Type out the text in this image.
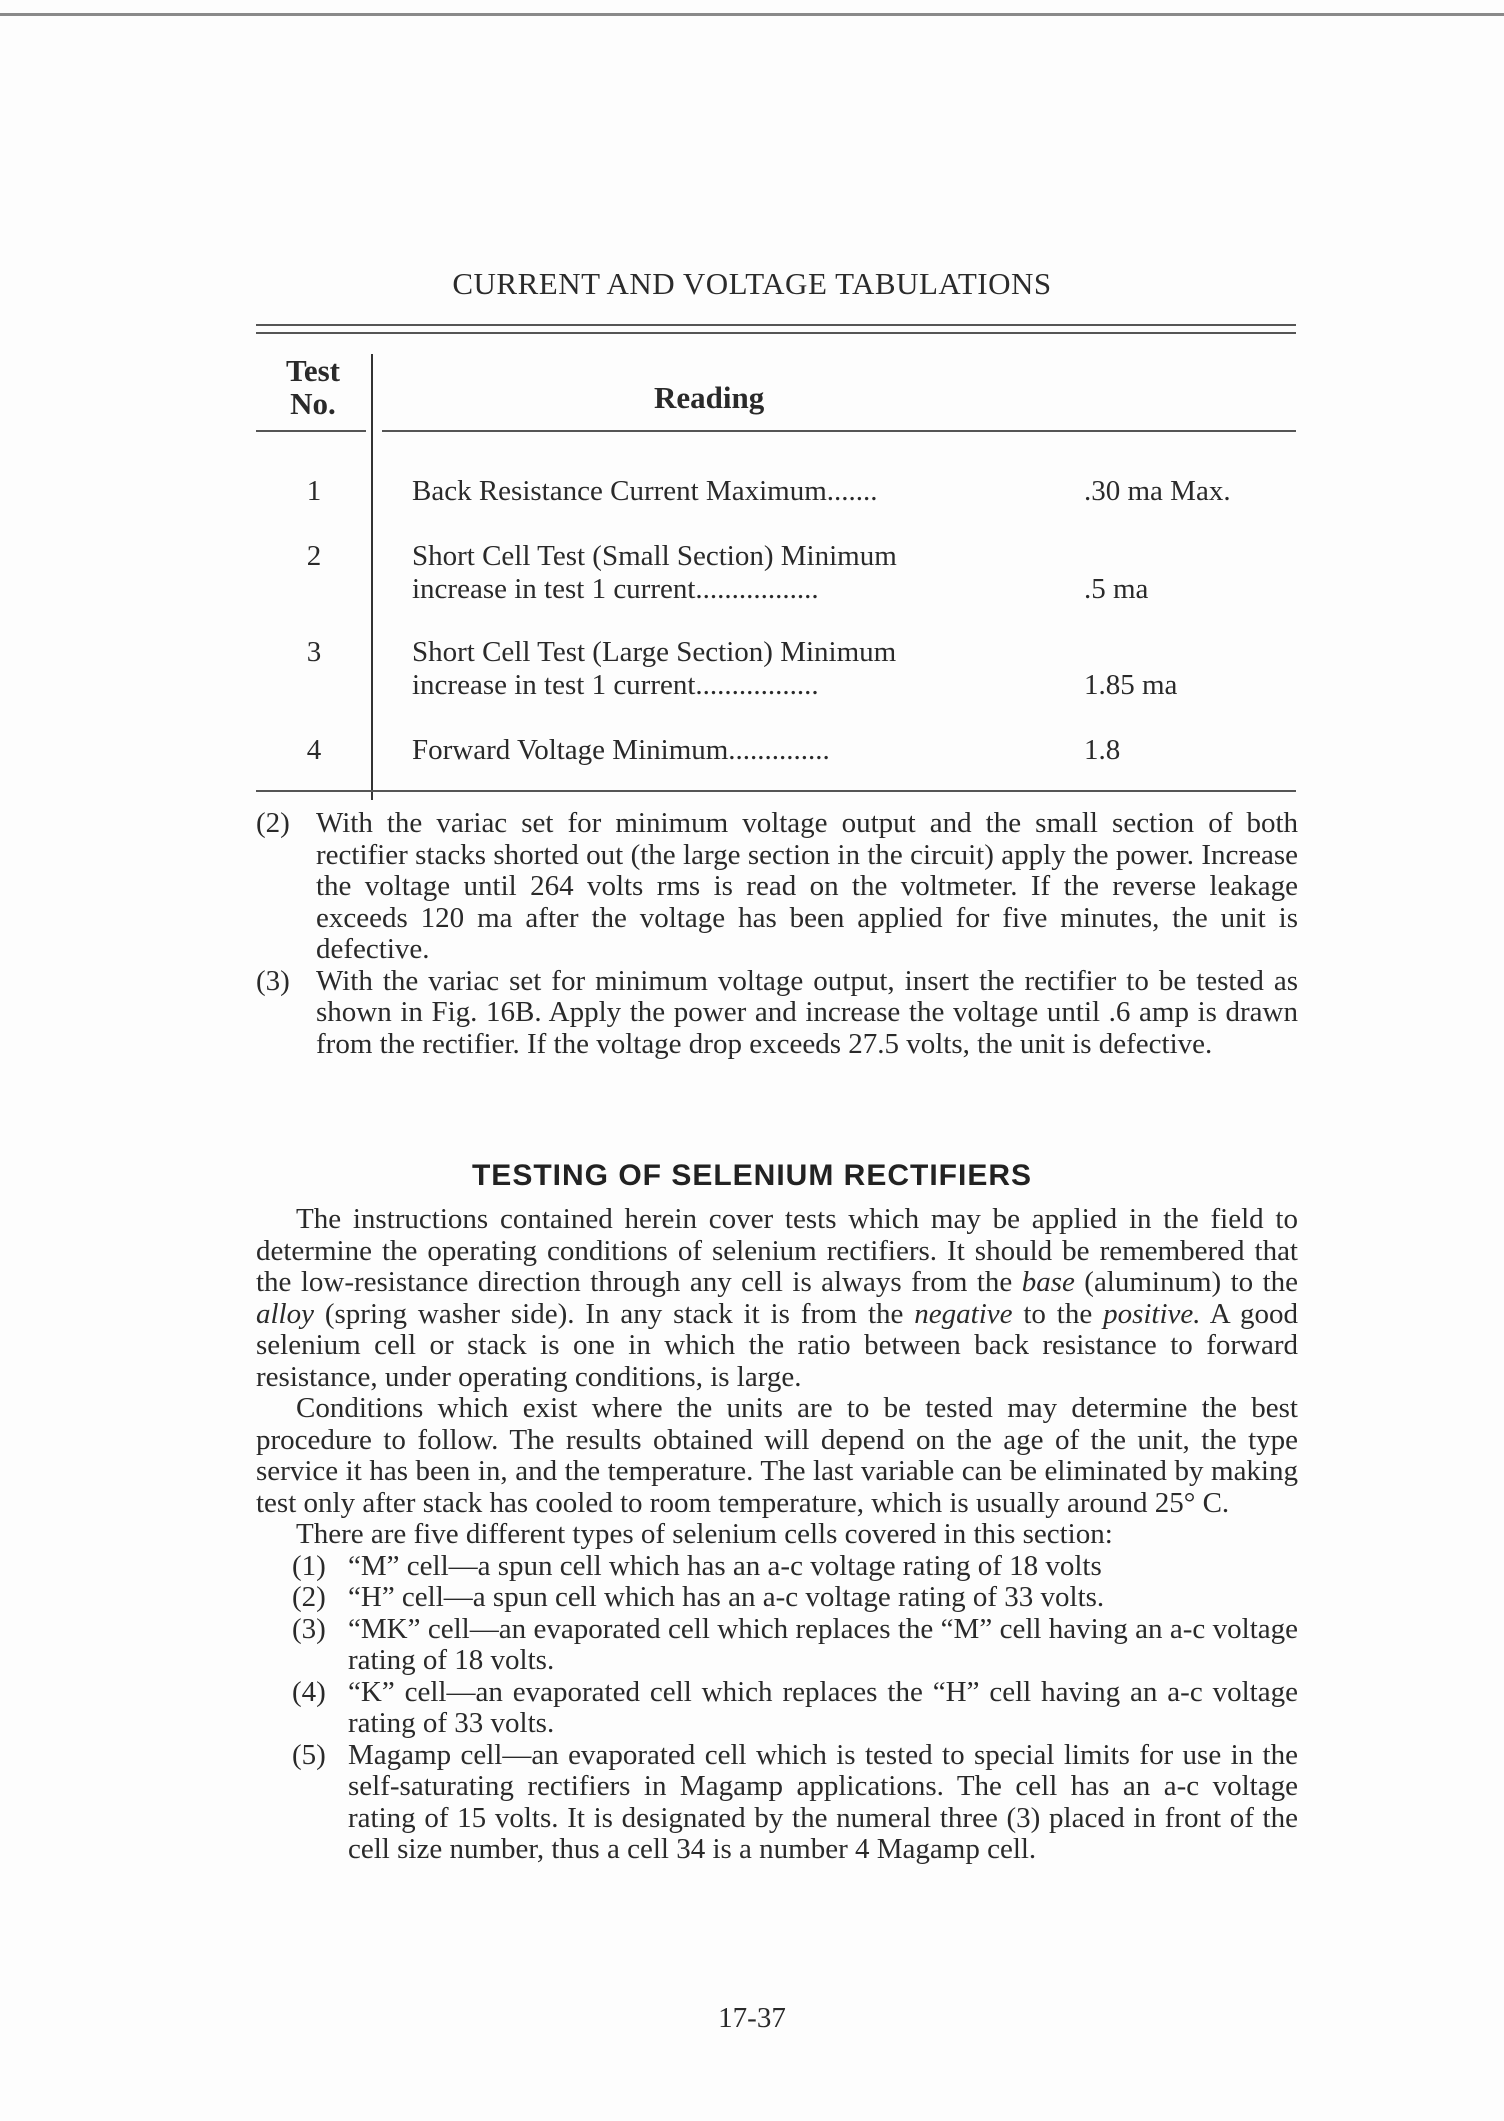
CURRENT AND VOLTAGE TABULATIONS
Test
No.	Reading
1	Back Resistance Current Maximum.......	.30 ma Max.
2	Short Cell Test (Small Section) Minimum
increase in test 1 current.................	.5 ma
3	Short Cell Test (Large Section) Minimum
increase in test 1 current.................	1.85 ma
4	Forward Voltage Minimum..............	1.8
(2) With the variac set for minimum voltage output and the small section of both rectifier stacks shorted out (the large section in the circuit) apply the power. Increase the voltage until 264 volts rms is read on the voltmeter. If the reverse leakage exceeds 120 ma after the voltage has been applied for five minutes, the unit is defective.
(3) With the variac set for minimum voltage output, insert the rectifier to be tested as shown in Fig. 16B. Apply the power and increase the voltage until .6 amp is drawn from the rectifier. If the voltage drop exceeds 27.5 volts, the unit is defective.
TESTING OF SELENIUM RECTIFIERS

The instructions contained herein cover tests which may be applied in the field to determine the operating conditions of selenium rectifiers. It should be remembered that the low-resistance direction through any cell is always from the base (aluminum) to the alloy (spring washer side). In any stack it is from the negative to the positive. A good selenium cell or stack is one in which the ratio between back resistance to forward resistance, under operating conditions, is large.

Conditions which exist where the units are to be tested may determine the best procedure to follow. The results obtained will depend on the age of the unit, the type service it has been in, and the temperature. The last variable can be eliminated by making test only after stack has cooled to room temperature, which is usually around 25° C.

There are five different types of selenium cells covered in this section:

(1) “M” cell—a spun cell which has an a-c voltage rating of 18 volts
(2) “H” cell—a spun cell which has an a-c voltage rating of 33 volts.
(3) “MK” cell—an evaporated cell which replaces the “M” cell having an a-c voltage rating of 18 volts.
(4) “K” cell—an evaporated cell which replaces the “H” cell having an a-c voltage rating of 33 volts.
(5) Magamp cell—an evaporated cell which is tested to special limits for use in the self-saturating rectifiers in Magamp applications. The cell has an a-c voltage rating of 15 volts. It is designated by the numeral three (3) placed in front of the cell size number, thus a cell 34 is a number 4 Magamp cell.
17-37
